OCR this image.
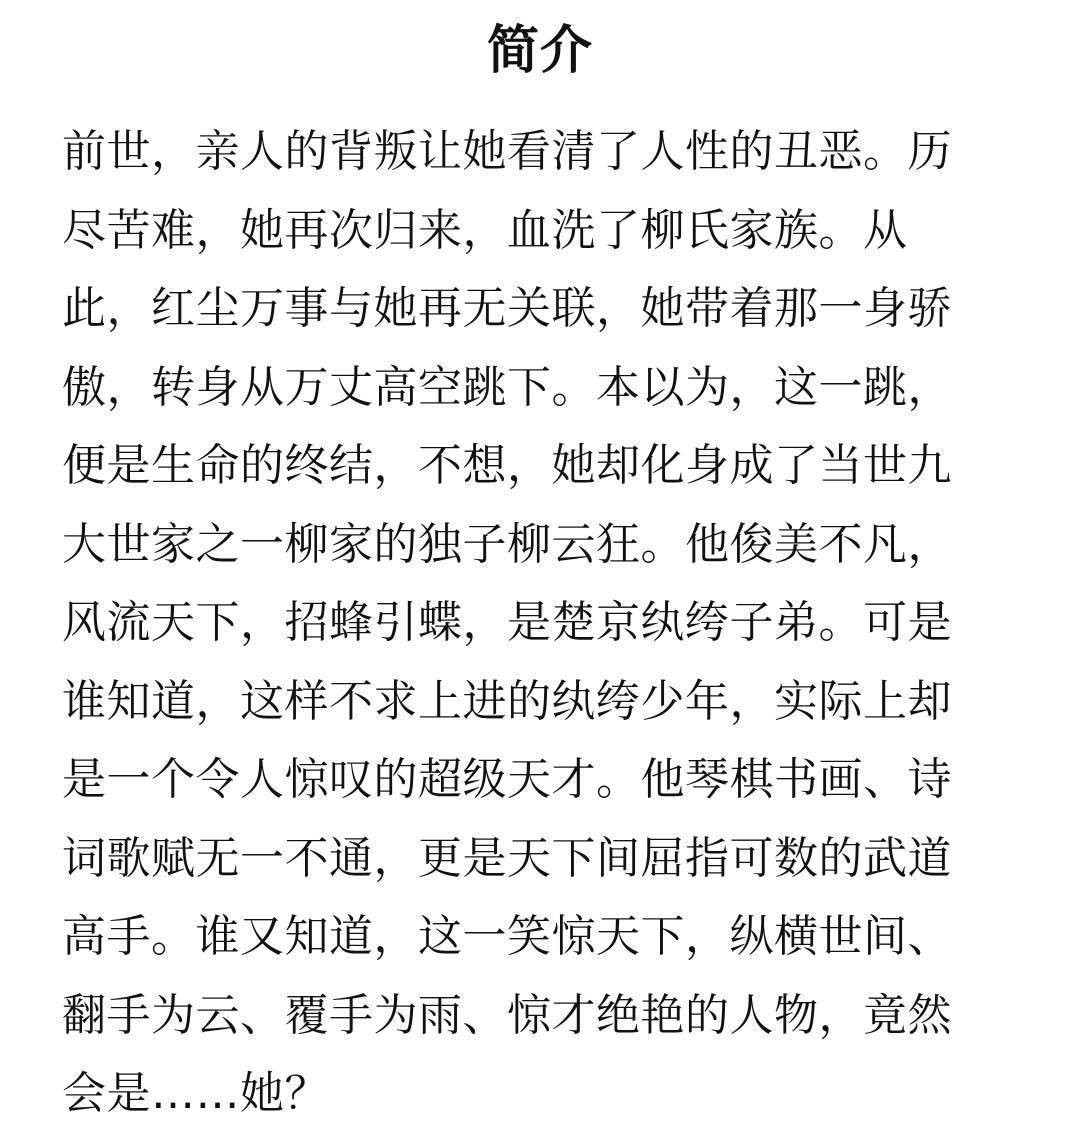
简介
前世，亲人的背叛让她看清了人性的丑恶。历
尽苦难，她再次归来，血洗了柳氏家族。从
此，红尘万事与她再无关联，她带着那一身骄
傲，转身从万丈高空跳下。本以为，这一跳，
便是生命的终结，不想，她却化身成了当世九
大世家之一柳家的独子柳云狂。他俊美不凡，
风流天下，招蜂引蝶，是楚京纨绔子弟。可是
谁知道，这样不求上进的纨绔少年，实际上却
是一个令人惊叹的超级天才。他琴棋书画、诗
词歌赋无一不通，更是天下间屈指可数的武道
高手。谁又知道，这一笑惊天下，纵横世间、
翻手为云、覆手为雨、惊才绝艳的人物，竟然
会是……她？
